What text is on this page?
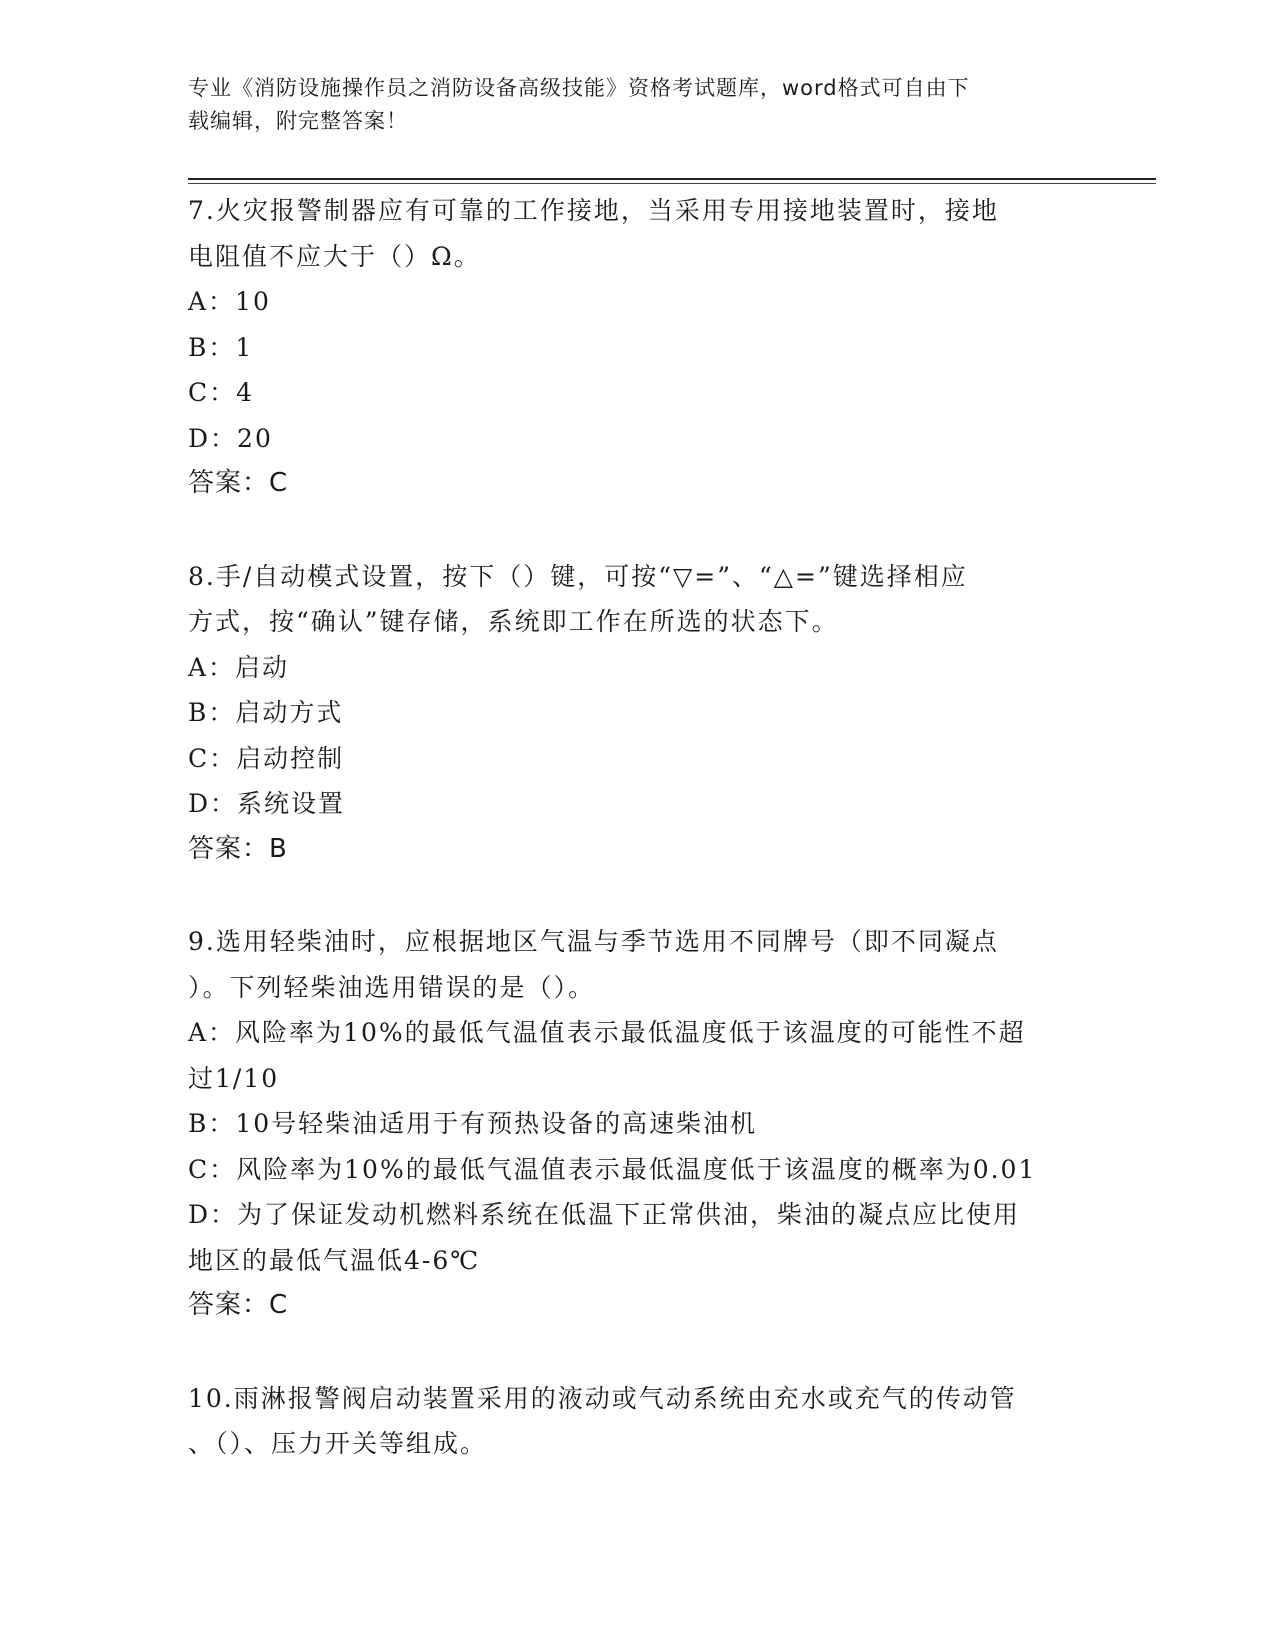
专业《消防设施操作员之消防设备高级技能》资格考试题库，word格式可自由下
载编辑，附完整答案！
7.火灾报警制器应有可靠的工作接地，当采用专用接地装置时，接地
电阻值不应大于（）Ω。
A：10
B：1
C：4
D：20
答案：C
8.手/自动模式设置，按下（）键，可按“▽=”、“△=”键选择相应
方式，按“确认”键存储，系统即工作在所选的状态下。
A：启动
B：启动方式
C：启动控制
D：系统设置
答案：B
9.选用轻柴油时，应根据地区气温与季节选用不同牌号（即不同凝点
）。下列轻柴油选用错误的是（）。
A：风险率为10%的最低气温值表示最低温度低于该温度的可能性不超
过1/10
B：10号轻柴油适用于有预热设备的高速柴油机
C：风险率为10%的最低气温值表示最低温度低于该温度的概率为0.01
D：为了保证发动机燃料系统在低温下正常供油，柴油的凝点应比使用
地区的最低气温低4-6℃
答案：C
10.雨淋报警阀启动装置采用的液动或气动系统由充水或充气的传动管
、（）、压力开关等组成。
